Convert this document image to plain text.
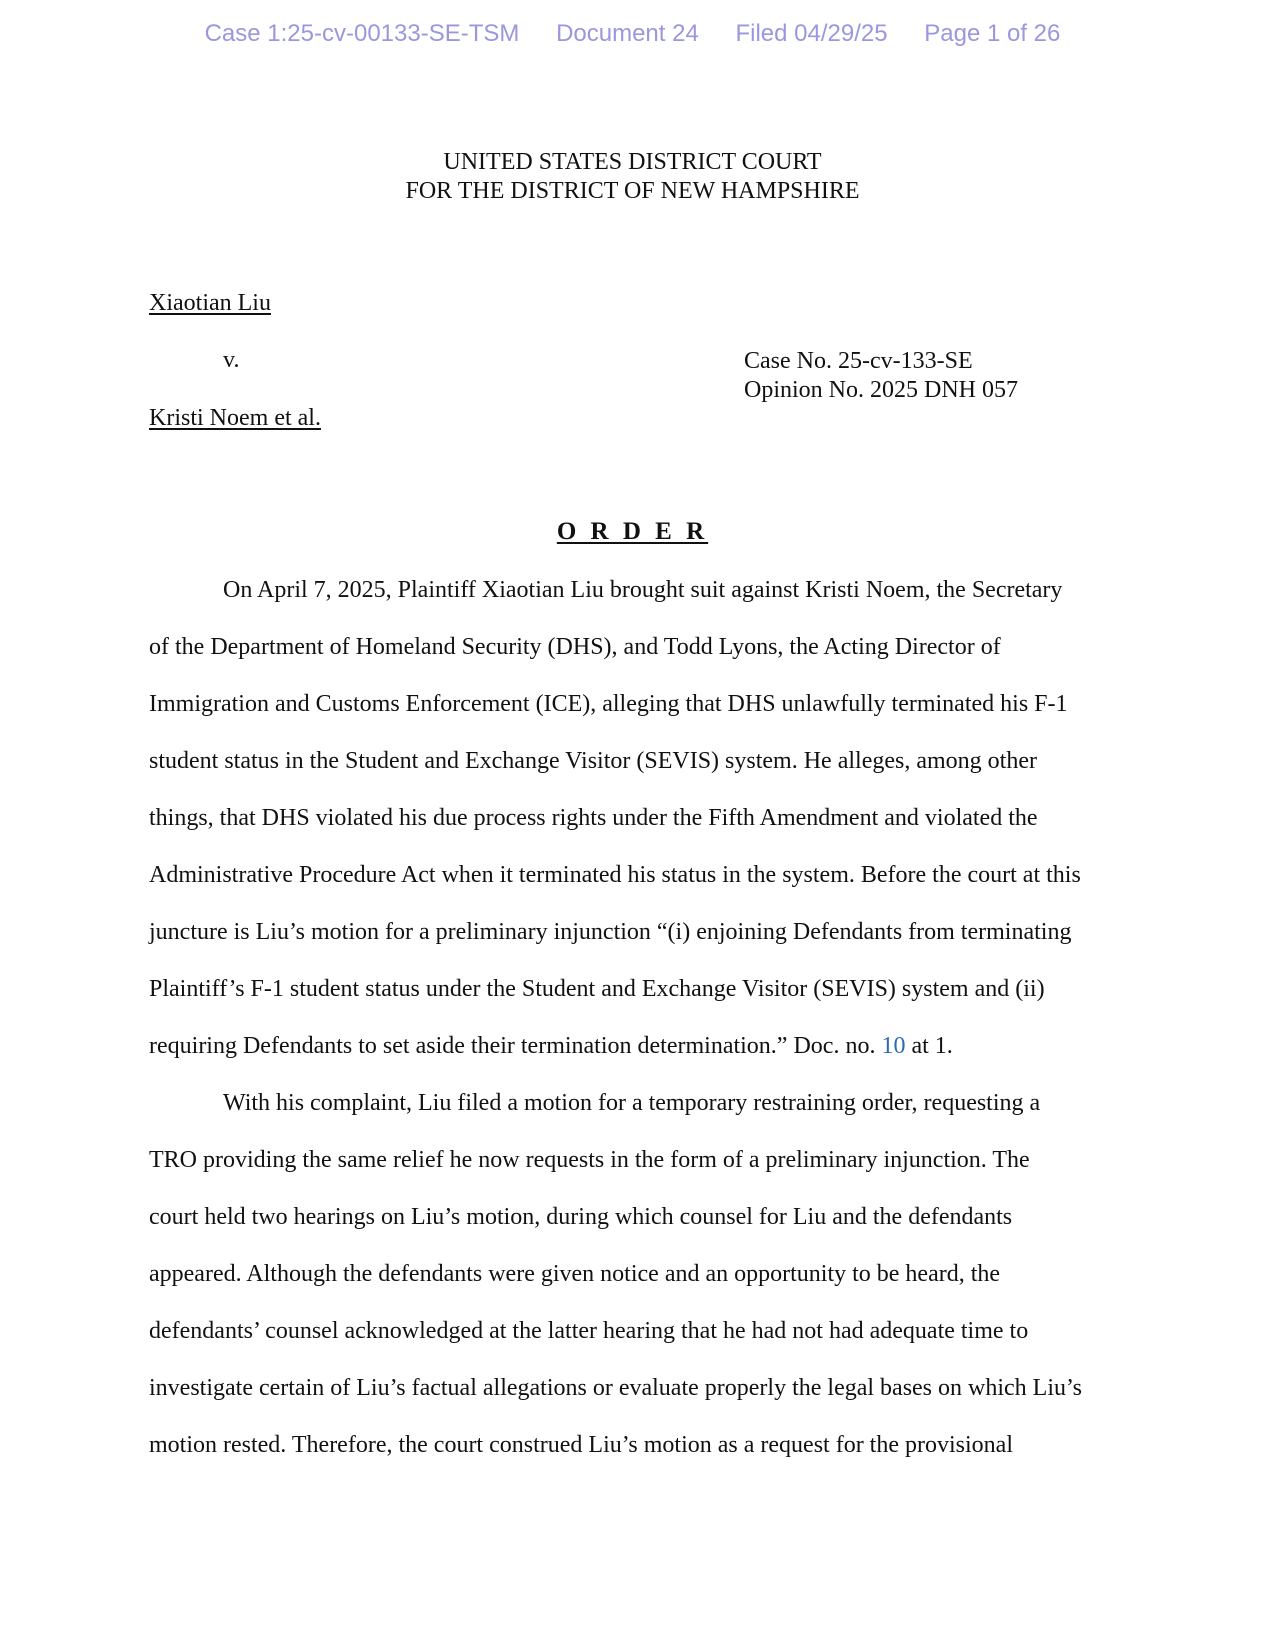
Case 1:25-cv-00133-SE-TSM Document 24 Filed 04/29/25 Page 1 of 26
UNITED STATES DISTRICT COURT
FOR THE DISTRICT OF NEW HAMPSHIRE
Xiaotian Liu
v.
Kristi Noem et al.
Case No. 25-cv-133-SE
Opinion No. 2025 DNH 057
O R D E R

On April 7, 2025, Plaintiff Xiaotian Liu brought suit against Kristi Noem, the Secretary
of the Department of Homeland Security (DHS), and Todd Lyons, the Acting Director of
Immigration and Customs Enforcement (ICE), alleging that DHS unlawfully terminated his F-1
student status in the Student and Exchange Visitor (SEVIS) system. He alleges, among other
things, that DHS violated his due process rights under the Fifth Amendment and violated the
Administrative Procedure Act when it terminated his status in the system. Before the court at this
juncture is Liu’s motion for a preliminary injunction “(i) enjoining Defendants from terminating
Plaintiff’s F-1 student status under the Student and Exchange Visitor (SEVIS) system and (ii)
requiring Defendants to set aside their termination determination.” Doc. no. 10 at 1.

With his complaint, Liu filed a motion for a temporary restraining order, requesting a
TRO providing the same relief he now requests in the form of a preliminary injunction. The
court held two hearings on Liu’s motion, during which counsel for Liu and the defendants
appeared. Although the defendants were given notice and an opportunity to be heard, the
defendants’ counsel acknowledged at the latter hearing that he had not had adequate time to
investigate certain of Liu’s factual allegations or evaluate properly the legal bases on which Liu’s
motion rested. Therefore, the court construed Liu’s motion as a request for the provisional
